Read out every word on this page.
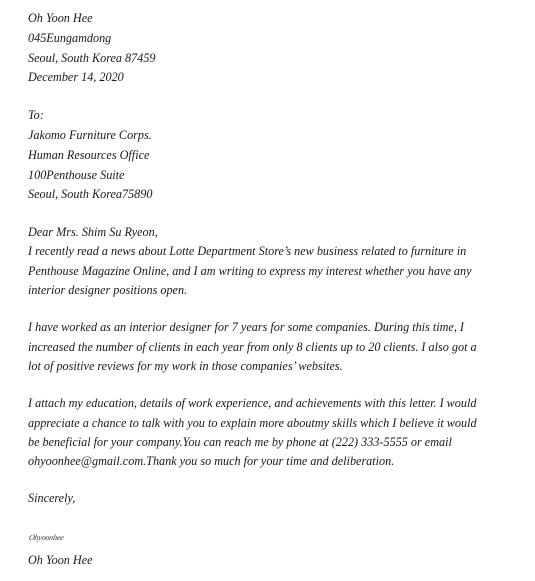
Oh Yoon Hee
045Eungamdong
Seoul, South Korea 87459
December 14, 2020
To:
Jakomo Furniture Corps.
Human Resources Office
100Penthouse Suite
Seoul, South Korea75890
Dear Mrs. Shim Su Ryeon,
I recently read a news about Lotte Department Store’s new business related to furniture in
Penthouse Magazine Online, and I am writing to express my interest whether you have any
interior designer positions open.
I have worked as an interior designer for 7 years for some companies. During this time, I
increased the number of clients in each year from only 8 clients up to 20 clients. I also got a
lot of positive reviews for my work in those companies’ websites.
I attach my education, details of work experience, and achievements with this letter. I would
appreciate a chance to talk with you to explain more aboutmy skills which I believe it would
be beneficial for your company.You can reach me by phone at (222) 333-5555 or email
ohyoonhee@gmail.com.Thank you so much for your time and deliberation.
Sincerely,
Ohyoonhee
Oh Yoon Hee
